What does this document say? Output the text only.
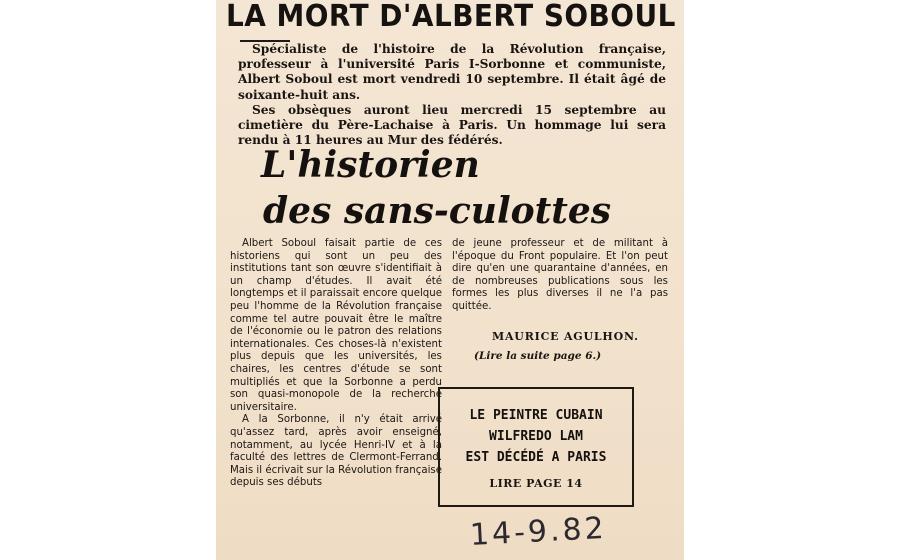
LA MORT D'ALBERT SOBOUL

Spécialiste de l'histoire de la Révolution française, professeur à l'université Paris I-Sorbonne et communiste, Albert Soboul est mort vendredi 10 septembre. Il était âgé de soixante-huit ans.

Ses obsèques auront lieu mercredi 15 septembre au cimetière du Père-Lachaise à Paris. Un hommage lui sera rendu à 11 heures au Mur des fédérés.

L'historien
des sans-culottes

Albert Soboul faisait partie de ces historiens qui sont un peu des institutions tant son œuvre s'identifiait à un champ d'études. Il avait été longtemps et il paraissait encore quelque peu l'homme de la Révolution française comme tel autre pouvait être le maître de l'économie ou le patron des relations internationales. Ces choses-là n'existent plus depuis que les universités, les chaires, les centres d'étude se sont multipliés et que la Sorbonne a perdu son quasi-monopole de la recherche universitaire.

A la Sorbonne, il n'y était arrivé qu'assez tard, après avoir enseigné, notamment, au lycée Henri-IV et à la faculté des lettres de Clermont-Ferrand. Mais il écrivait sur la Révolution française depuis ses débuts

de jeune professeur et de militant à l'époque du Front populaire. Et l'on peut dire qu'en une quarantaine d'années, en de nombreuses publications sous les formes les plus diverses il ne l'a pas quittée.

MAURICE AGULHON.
(Lire la suite page 6.)
LE PEINTRE CUBAIN
WILFREDO LAM
EST DÉCÉDÉ A PARIS
LIRE PAGE 14
14-9.82
